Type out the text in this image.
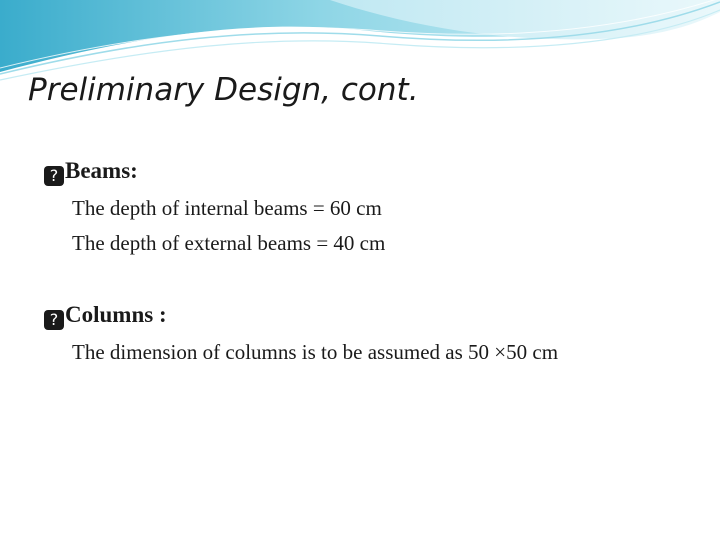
Preliminary Design, cont.
? Beams:
The depth of internal beams = 60 cm
The depth of external beams = 40 cm
? Columns :
The dimension of columns is to be assumed as 50 ×50 cm
